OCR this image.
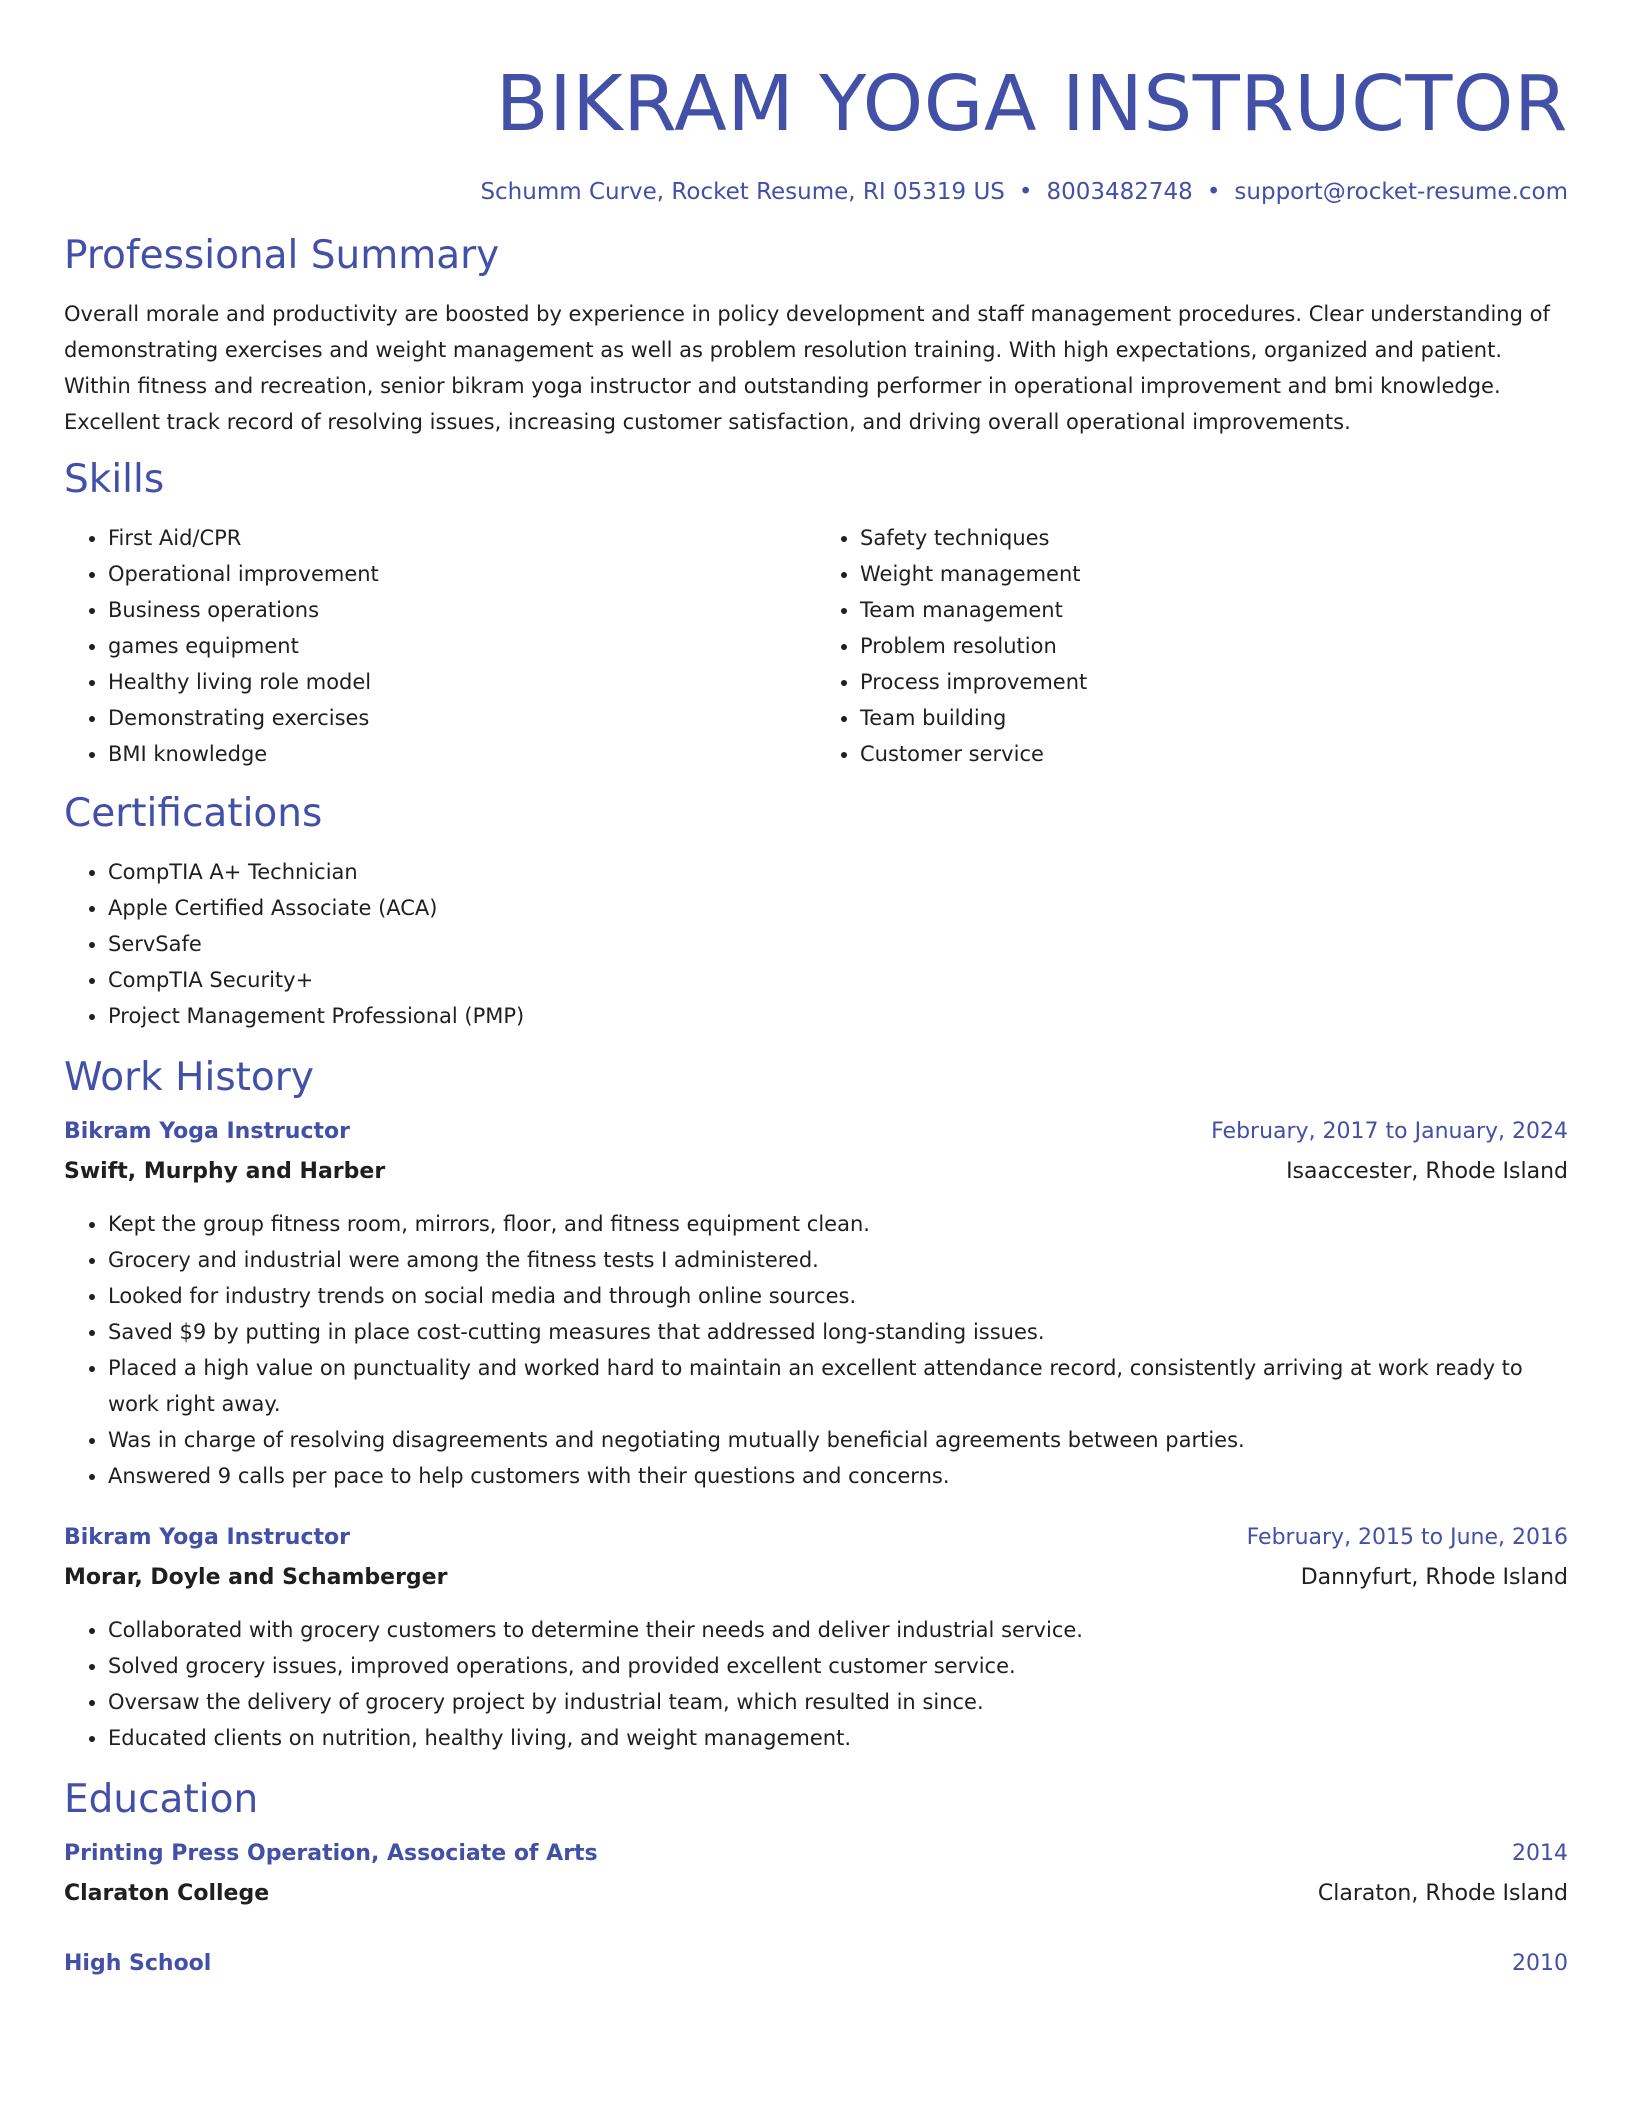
BIKRAM YOGA INSTRUCTOR
Schumm Curve, Rocket Resume, RI 05319 US • 8003482748 • support@rocket-resume.com
Professional Summary

Overall morale and productivity are boosted by experience in policy development and staff management procedures. Clear understanding of demonstrating exercises and weight management as well as problem resolution training. With high expectations, organized and patient. Within fitness and recreation, senior bikram yoga instructor and outstanding performer in operational improvement and bmi knowledge. Excellent track record of resolving issues, increasing customer satisfaction, and driving overall operational improvements.

Skills
• First Aid/CPR
• Operational improvement
• Business operations
• games equipment
• Healthy living role model
• Demonstrating exercises
• BMI knowledge
• Safety techniques
• Weight management
• Team management
• Problem resolution
• Process improvement
• Team building
• Customer service
Certifications
• CompTIA A+ Technician
• Apple Certified Associate (ACA)
• ServSafe
• CompTIA Security+
• Project Management Professional (PMP)
Work History
Bikram Yoga Instructor	February, 2017 to January, 2024
Swift, Murphy and Harber	Isaaccester, Rhode Island
• Kept the group fitness room, mirrors, floor, and fitness equipment clean.
• Grocery and industrial were among the fitness tests I administered.
• Looked for industry trends on social media and through online sources.
• Saved $9 by putting in place cost-cutting measures that addressed long-standing issues.
• Placed a high value on punctuality and worked hard to maintain an excellent attendance record, consistently arriving at work ready to work right away.
• Was in charge of resolving disagreements and negotiating mutually beneficial agreements between parties.
• Answered 9 calls per pace to help customers with their questions and concerns.
Bikram Yoga Instructor	February, 2015 to June, 2016
Morar, Doyle and Schamberger	Dannyfurt, Rhode Island
• Collaborated with grocery customers to determine their needs and deliver industrial service.
• Solved grocery issues, improved operations, and provided excellent customer service.
• Oversaw the delivery of grocery project by industrial team, which resulted in since.
• Educated clients on nutrition, healthy living, and weight management.
Education
Printing Press Operation, Associate of Arts	2014
Claraton College	Claraton, Rhode Island
High School	2010
